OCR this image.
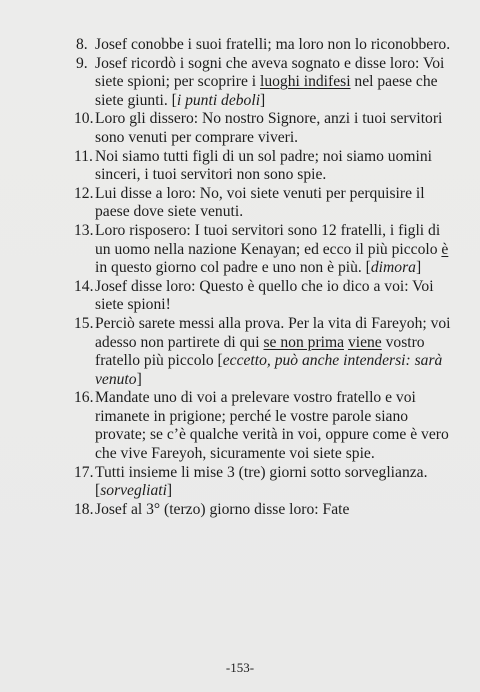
8. Josef conobbe i suoi fratelli; ma loro non lo riconobbero.
9. Josef ricordò i sogni che aveva sognato e disse loro: Voi siete spioni; per scoprire i luoghi indifesi nel paese che siete giunti. [i punti deboli]
10. Loro gli dissero: No nostro Signore, anzi i tuoi servitori sono venuti per comprare viveri.
11. Noi siamo tutti figli di un sol padre; noi siamo uomini sinceri, i tuoi servitori non sono spie.
12. Lui disse a loro: No, voi siete venuti per perquisire il paese dove siete venuti.
13. Loro risposero: I tuoi servitori sono 12 fratelli, i figli di un uomo nella nazione Kenayan; ed ecco il più piccolo è in questo giorno col padre e uno non è più. [dimora]
14. Josef disse loro: Questo è quello che io dico a voi: Voi siete spioni!
15. Perciò sarete messi alla prova. Per la vita di Fareyoh; voi adesso non partirete di qui se non prima viene vostro fratello più piccolo [eccetto, può anche intendersi: sarà venuto]
16. Mandate uno di voi a prelevare vostro fratello e voi rimanete in prigione; perché le vostre parole siano provate; se c’è qualche verità in voi, oppure come è vero che vive Fareyoh, sicuramente voi siete spie.
17. Tutti insieme li mise 3 (tre) giorni sotto sorveglianza. [sorvegliati]
18. Josef al 3° (terzo) giorno disse loro: Fate
-153-
